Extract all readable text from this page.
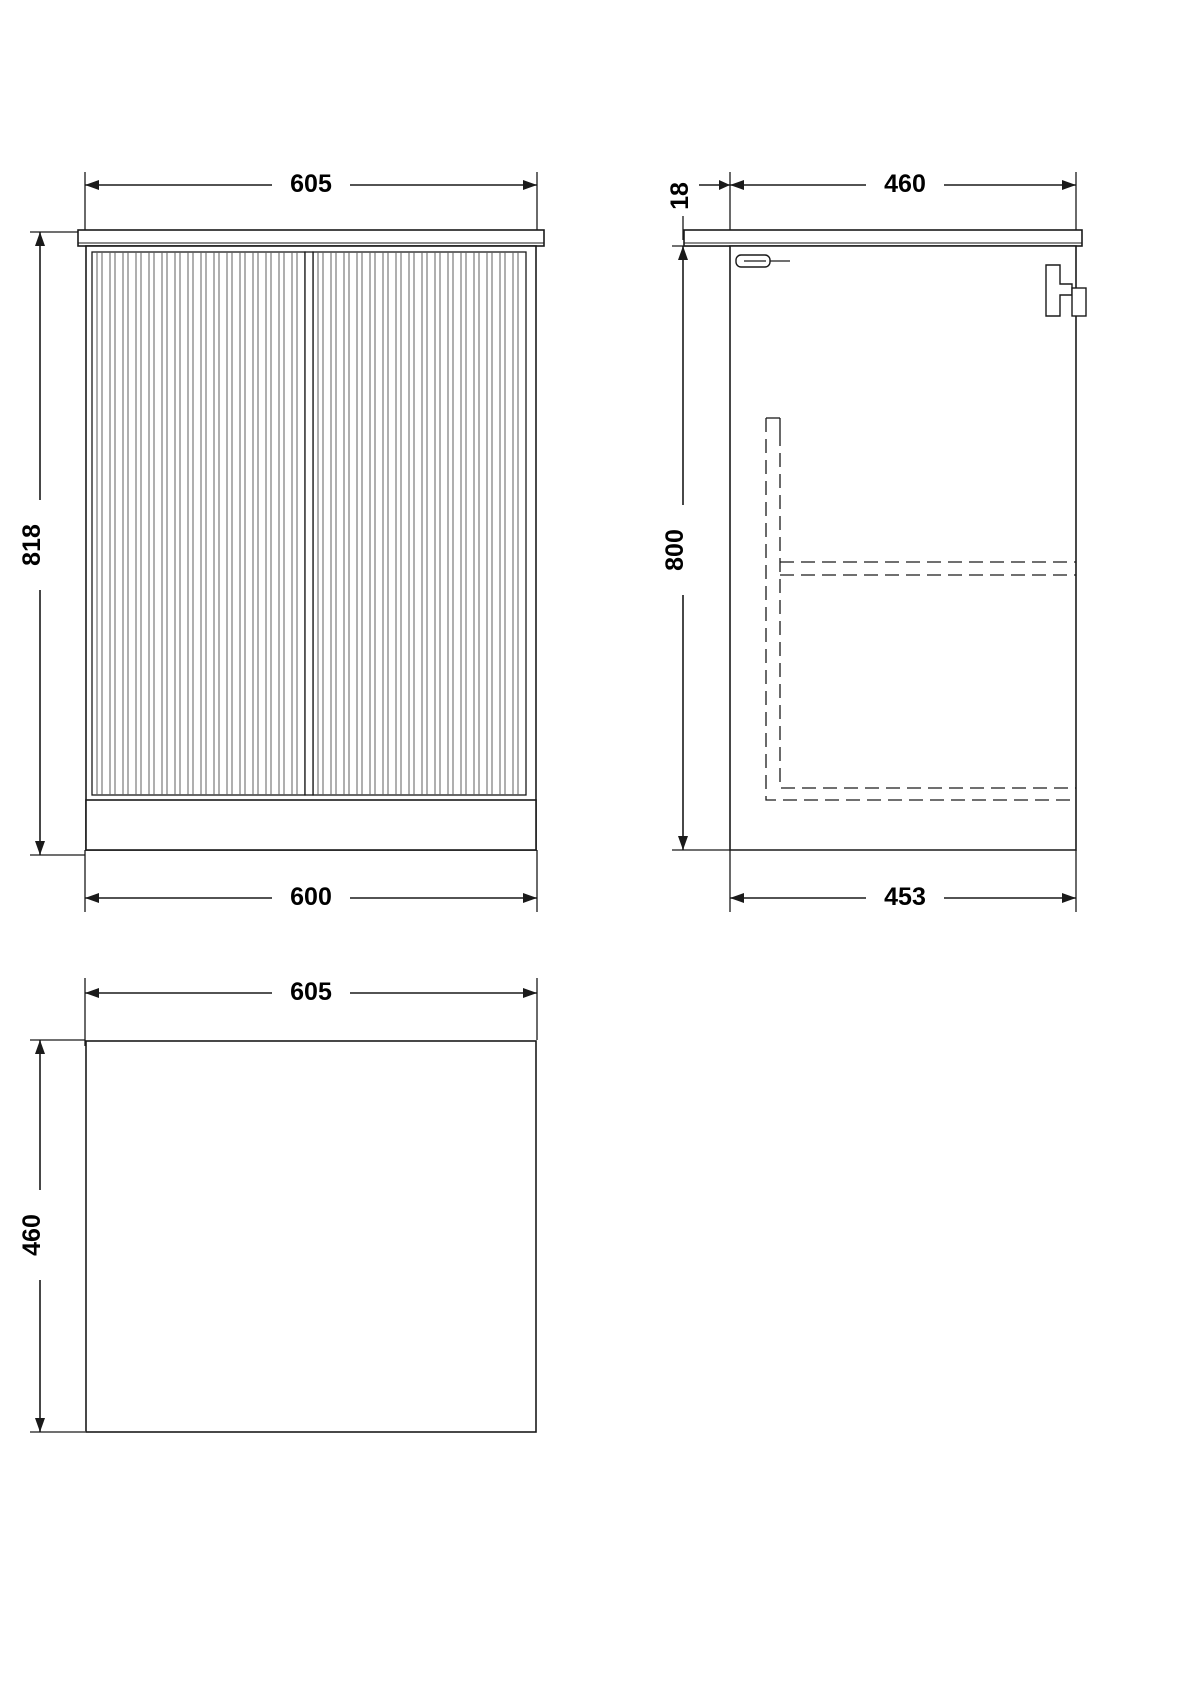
605
818
600
18	460
800
453
605
460
